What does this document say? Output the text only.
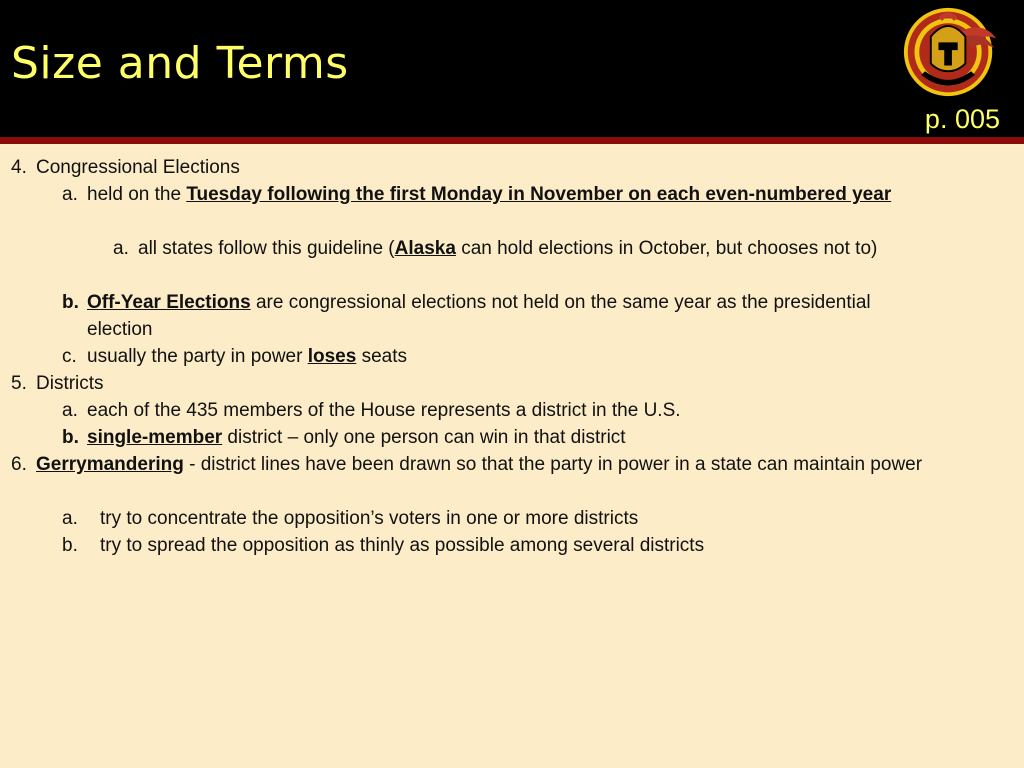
Size and Terms
p. 005
4. Congressional Elections
a. held on the Tuesday following the first Monday in November on each even-numbered year
a. all states follow this guideline (Alaska can hold elections in October, but chooses not to)
b. Off-Year Elections are congressional elections not held on the same year as the presidential election
c. usually the party in power loses seats
5. Districts
a. each of the 435 members of the House represents a district in the U.S.
b. single-member district – only one person can win in that district
6. Gerrymandering - district lines have been drawn so that the party in power in a state can maintain power
a. try to concentrate the opposition’s voters in one or more districts
b. try to spread the opposition as thinly as possible among several districts
